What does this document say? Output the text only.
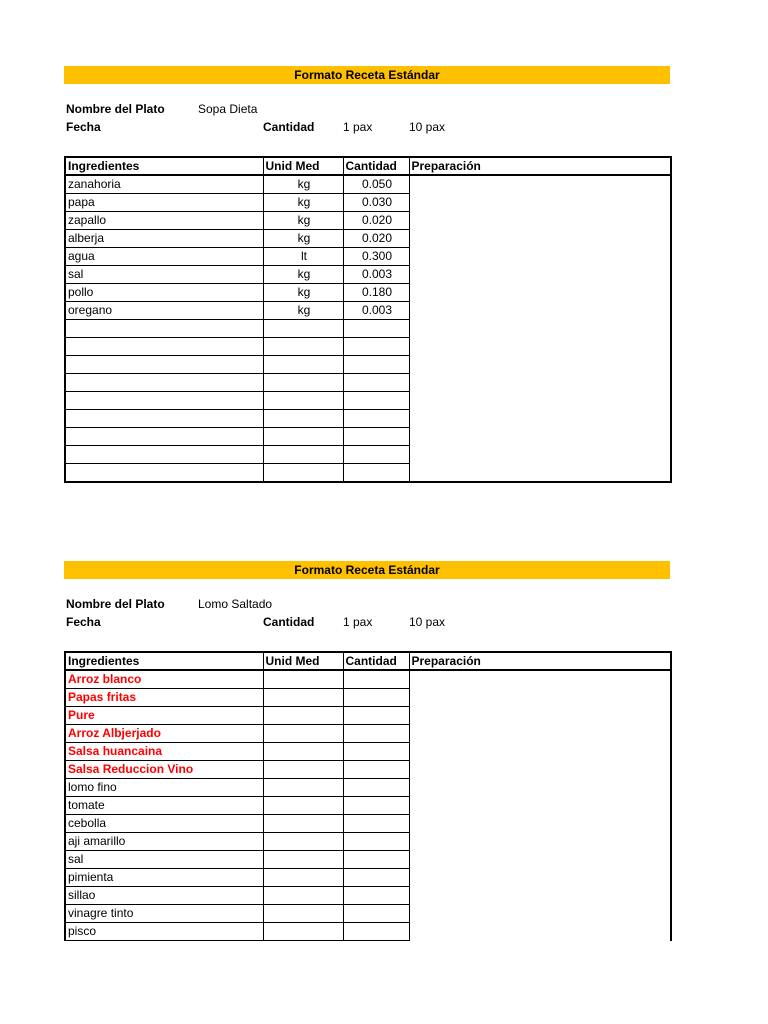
Formato Receta Estándar
Nombre del Plato	Sopa Dieta
Fecha	Cantidad 1 pax	10 pax
Ingredientes	Unid Med	Cantidad	Preparación
zanahoria	kg	0.050	
papa	kg	0.030	
zapallo	kg	0.020	
alberja	kg	0.020	
agua	lt	0.300	
sal	kg	0.003	
pollo	kg	0.180	
oregano	kg	0.003	

Formato Receta Estándar
Nombre del Plato	Lomo Saltado
Fecha	Cantidad 1 pax	10 pax
Ingredientes	Unid Med	Cantidad	Preparación
Arroz blanco			
Papas fritas			
Pure			
Arroz Albjerjado			
Salsa huancaina			
Salsa Reduccion Vino			
lomo fino			
tomate			
cebolla			
aji amarillo			
sal			
pimienta			
sillao			
vinagre tinto			
pisco			
